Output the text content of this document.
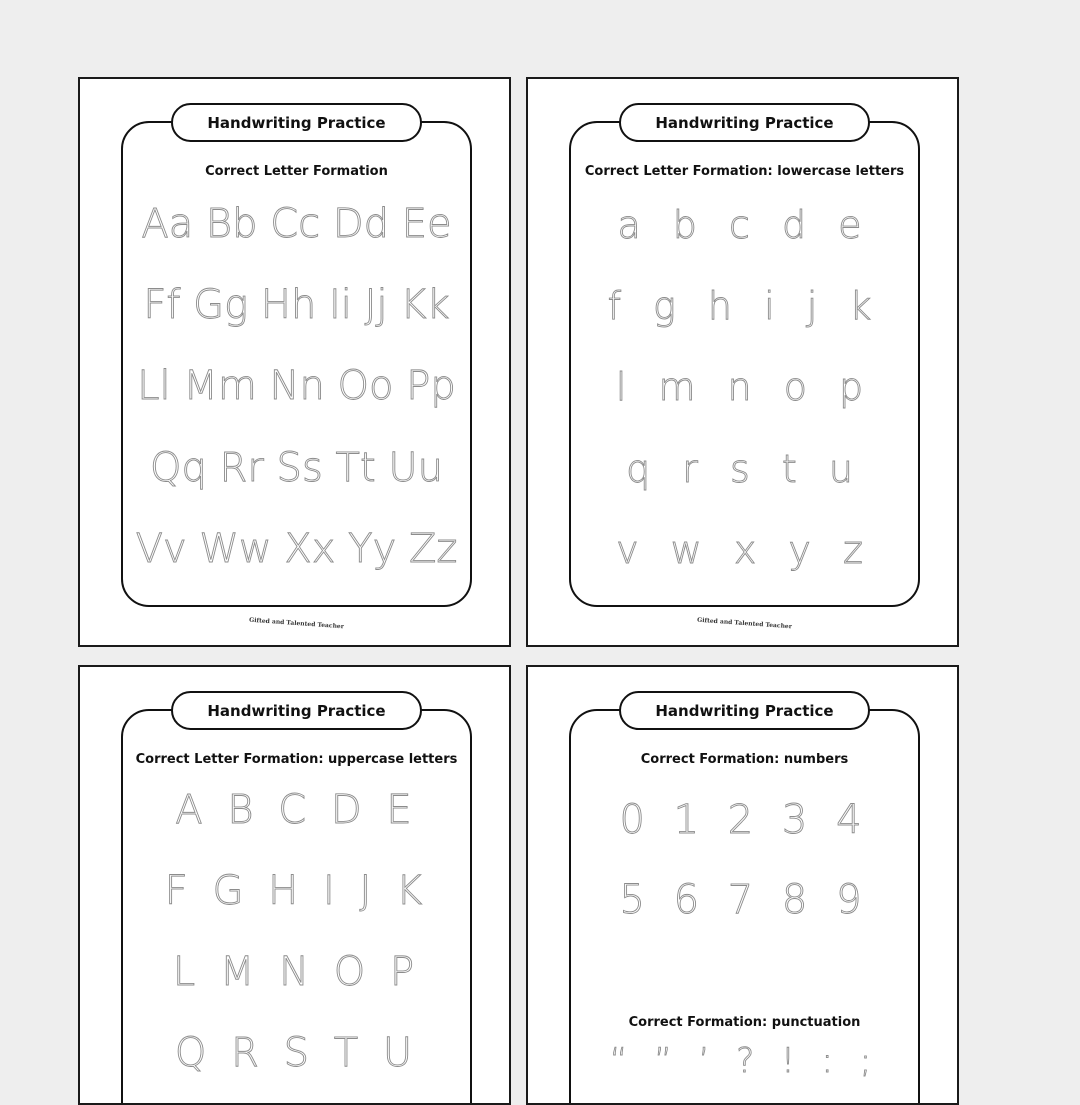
Handwriting Practice
Correct Letter Formation
Aa Bb Cc Dd Ee
Ff Gg Hh Ii Jj Kk
Ll Mm Nn Oo Pp
Qq Rr Ss Tt Uu
Vv Ww Xx Yy Zz
Gifted and Talented Teacher
Handwriting Practice
Correct Letter Formation: lowercase letters
a b c d e
f g h i j k
l m n o p
q r s t u
v w x y z
Gifted and Talented Teacher
Handwriting Practice
Correct Letter Formation: uppercase letters
A B C D E
F G H I J K
L M N O P
Q R S T U
Handwriting Practice
Correct Formation: numbers
0 1 2 3 4
5 6 7 8 9
Correct Formation: punctuation
“ ” ’ ? ! : ;
